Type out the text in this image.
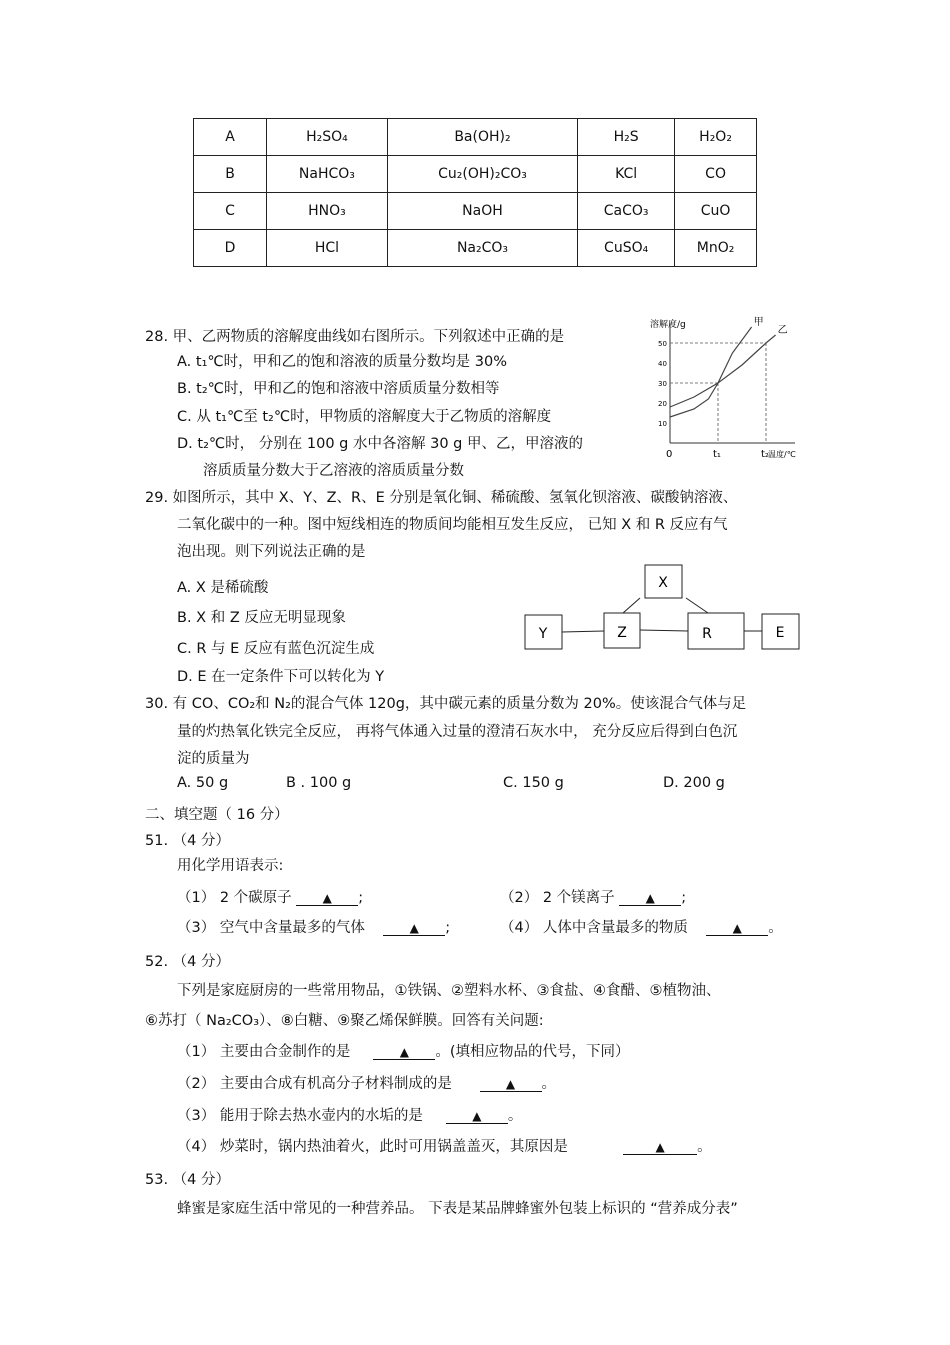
A	H₂SO₄	Ba(OH)₂	H₂S	H₂O₂
B	NaHCO₃	Cu₂(OH)₂CO₃	KCl	CO
C	HNO₃	NaOH	CaCO₃	CuO
D	HCl	Na₂CO₃	CuSO₄	MnO₂
28. 甲、乙两物质的溶解度曲线如右图所示。下列叙述中正确的是
A. t₁℃时，甲和乙的饱和溶液的质量分数均是 30%
B. t₂℃时，甲和乙的饱和溶液中溶质质量分数相等
C. 从 t₁℃至 t₂℃时，甲物质的溶解度大于乙物质的溶解度
D. t₂℃时， 分别在 100 g 水中各溶解 30 g 甲、乙，甲溶液的
溶质质量分数大于乙溶液的溶质质量分数
溶解度/g
10
20
30
40
50
0	t₁	t₂
甲
乙
温度/℃
29. 如图所示，其中 X、Y、Z、R、E 分别是氧化铜、稀硫酸、氢氧化钡溶液、碳酸钠溶液、
二氧化碳中的一种。图中短线相连的物质间均能相互发生反应， 已知 X 和 R 反应有气
泡出现。则下列说法正确的是
A. X 是稀硫酸
B. X 和 Z 反应无明显现象
C. R 与 E 反应有蓝色沉淀生成
D. E 在一定条件下可以转化为 Y
X
Y	Z	R	E
30. 有 CO、CO₂和 N₂的混合气体 120g，其中碳元素的质量分数为 20%。使该混合气体与足
量的灼热氧化铁完全反应， 再将气体通入过量的澄清石灰水中， 充分反应后得到白色沉
淀的质量为
A. 50 g	B . 100 g	C. 150 g	D. 200 g
二、填空题（ 16 分）
51. （4 分）
用化学用语表示:
（1） 2 个碳原子	▲ ;	（2） 2 个镁离子	▲ ;
（3） 空气中含量最多的气体	▲ ;	（4） 人体中含量最多的物质	▲ 。
52. （4 分）
下列是家庭厨房的一些常用物品，①铁锅、②塑料水杯、③食盐、④食醋、⑤植物油、
⑥苏打（ Na₂CO₃）、⑧白糖、⑨聚乙烯保鲜膜。回答有关问题:
（1） 主要由合金制作的是	▲ 。(填相应物品的代号，下同）
（2） 主要由合成有机高分子材料制成的是	▲ 。
（3） 能用于除去热水壶内的水垢的是	▲ 。
（4） 炒菜时，锅内热油着火，此时可用锅盖盖灭，其原因是	▲ 。
53. （4 分）
蜂蜜是家庭生活中常见的一种营养品。 下表是某品牌蜂蜜外包装上标识的 “营养成分表”
